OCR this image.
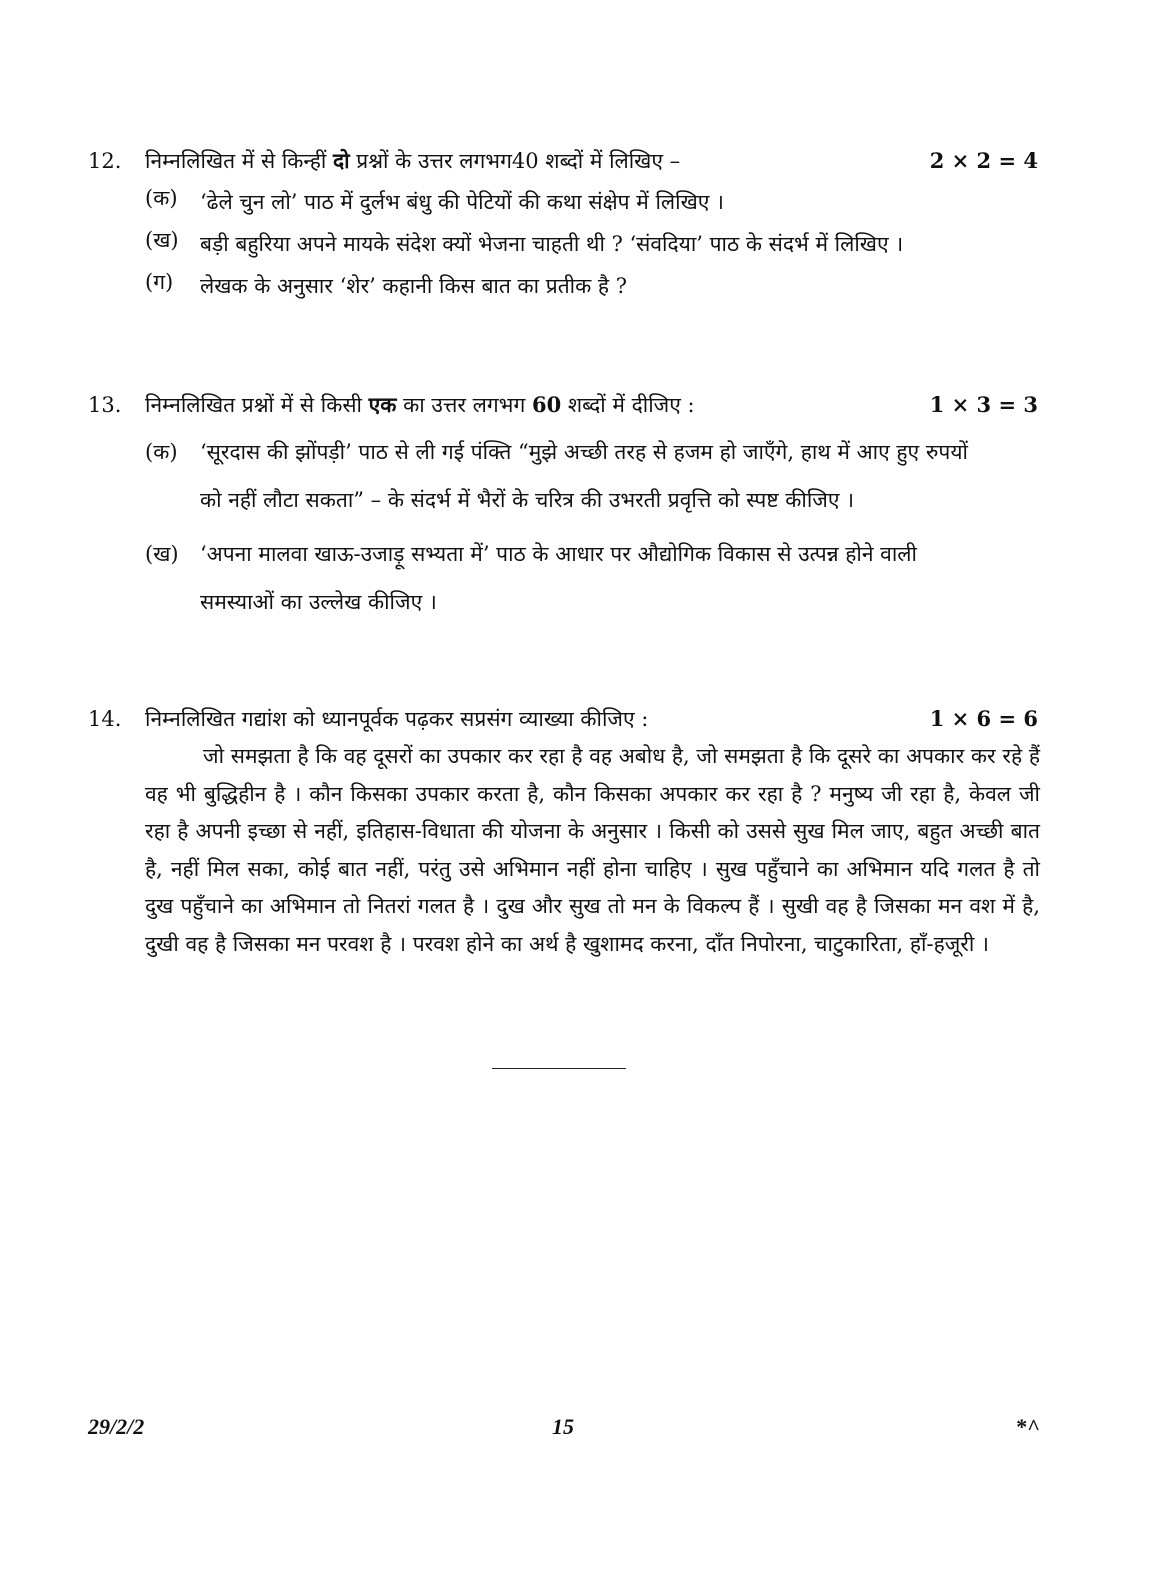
12. निम्नलिखित में से किन्हीं दो प्रश्नों के उत्तर लगभग40 शब्दों में लिखिए –	2 × 2 = 4
(क) ‘ढेले चुन लो’ पाठ में दुर्लभ बंधु की पेटियों की कथा संक्षेप में लिखिए ।
(ख) बड़ी बहुरिया अपने मायके संदेश क्यों भेजना चाहती थी ? ‘संवदिया’ पाठ के संदर्भ में लिखिए ।
(ग) लेखक के अनुसार ‘शेर’ कहानी किस बात का प्रतीक है ?
13. निम्नलिखित प्रश्नों में से किसी एक का उत्तर लगभग 60 शब्दों में दीजिए :	1 × 3 = 3
(क) ‘सूरदास की झोंपड़ी’ पाठ से ली गई पंक्ति “मुझे अच्छी तरह से हजम हो जाएँगे, हाथ में आए हुए रुपयों को नहीं लौटा सकता” – के संदर्भ में भैरों के चरित्र की उभरती प्रवृत्ति को स्पष्ट कीजिए ।
(ख) ‘अपना मालवा खाऊ-उजाड़ू सभ्यता में’ पाठ के आधार पर औद्योगिक विकास से उत्पन्न होने वाली समस्याओं का उल्लेख कीजिए ।
14. निम्नलिखित गद्यांश को ध्यानपूर्वक पढ़कर सप्रसंग व्याख्या कीजिए :	1 × 6 = 6
जो समझता है कि वह दूसरों का उपकार कर रहा है वह अबोध है, जो समझता है कि दूसरे का अपकार कर रहे हैं वह भी बुद्धिहीन है । कौन किसका उपकार करता है, कौन किसका अपकार कर रहा है ? मनुष्य जी रहा है, केवल जी रहा है अपनी इच्छा से नहीं, इतिहास-विधाता की योजना के अनुसार । किसी को उससे सुख मिल जाए, बहुत अच्छी बात है, नहीं मिल सका, कोई बात नहीं, परंतु उसे अभिमान नहीं होना चाहिए । सुख पहुँचाने का अभिमान यदि गलत है तो दुख पहुँचाने का अभिमान तो नितरां गलत है । दुख और सुख तो मन के विकल्प हैं । सुखी वह है जिसका मन वश में है, दुखी वह है जिसका मन परवश है । परवश होने का अर्थ है खुशामद करना, दाँत निपोरना, चाटुकारिता, हाँ-हजूरी ।
29/2/2	15	*^
